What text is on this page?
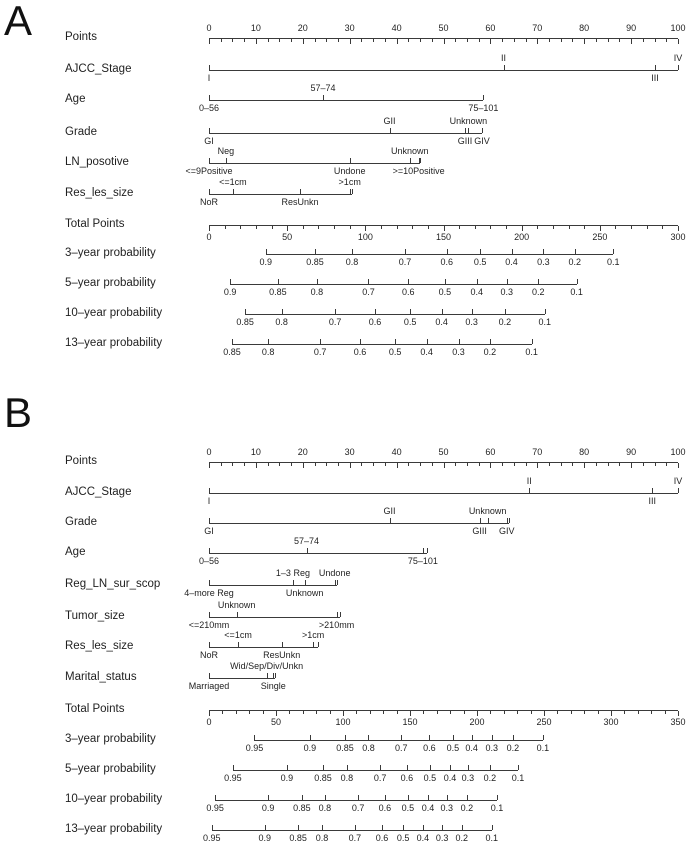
A	Points
0	10	20	30	40	50	60	70	80	90	100
AJCC_Stage
I
II
III
IV
Age
0–56
57–74
75–101
Grade
GI
GII
GIII
Unknown
GIV
LN_posotive
<=9Positive
Neg
Undone
Unknown
>=10Positive
Res_les_size
NoR
<=1cm
ResUnkn
>1cm
Total Points
0	50	100	150	200	250	300
3–year probability
0.9	0.85 0.8	0.7	0.6 0.5 0.4 0.3 0.2	0.1
5–year probability
0.9	0.85	0.8	0.7	0.6	0.5 0.4 0.3 0.2	0.1
10–year probability
0.85 0.8	0.7	0.6	0.5 0.4 0.3 0.2	0.1
13–year probability
0.85 0.8	0.7	0.6	0.5 0.4 0.3 0.2	0.1
B
Points
0	10	20	30	40	50	60	70	80	90	100
AJCC_Stage
I
II
III
IV
Grade
GI
GII
GIII
Unknown
GIV
Age
0–56
57–74
75–101
Reg_LN_sur_scop
4–more Reg
1–3 Reg
Unknown
Undone
Tumor_size
<=210mm
Unknown
>210mm
Res_les_size
NoR
<=1cm
ResUnkn
>1cm
Marital_status
Marriaged
Wid/Sep/Div/Unkn
Single
Total Points
0	50	100	150	200	250	300	350
3–year probability
0.95	0.9 0.85 0.8 0.7 0.6 0.5 0.4 0.3 0.2 0.1
5–year probability
0.95	0.9 0.85 0.8 0.7 0.6 0.5 0.4 0.3 0.2 0.1
10–year probability
0.95	0.9 0.85 0.8 0.7 0.6 0.5 0.4 0.3 0.2 0.1
13–year probability
0.95	0.9 0.85 0.8 0.7 0.6 0.5 0.4 0.3 0.2 0.1
